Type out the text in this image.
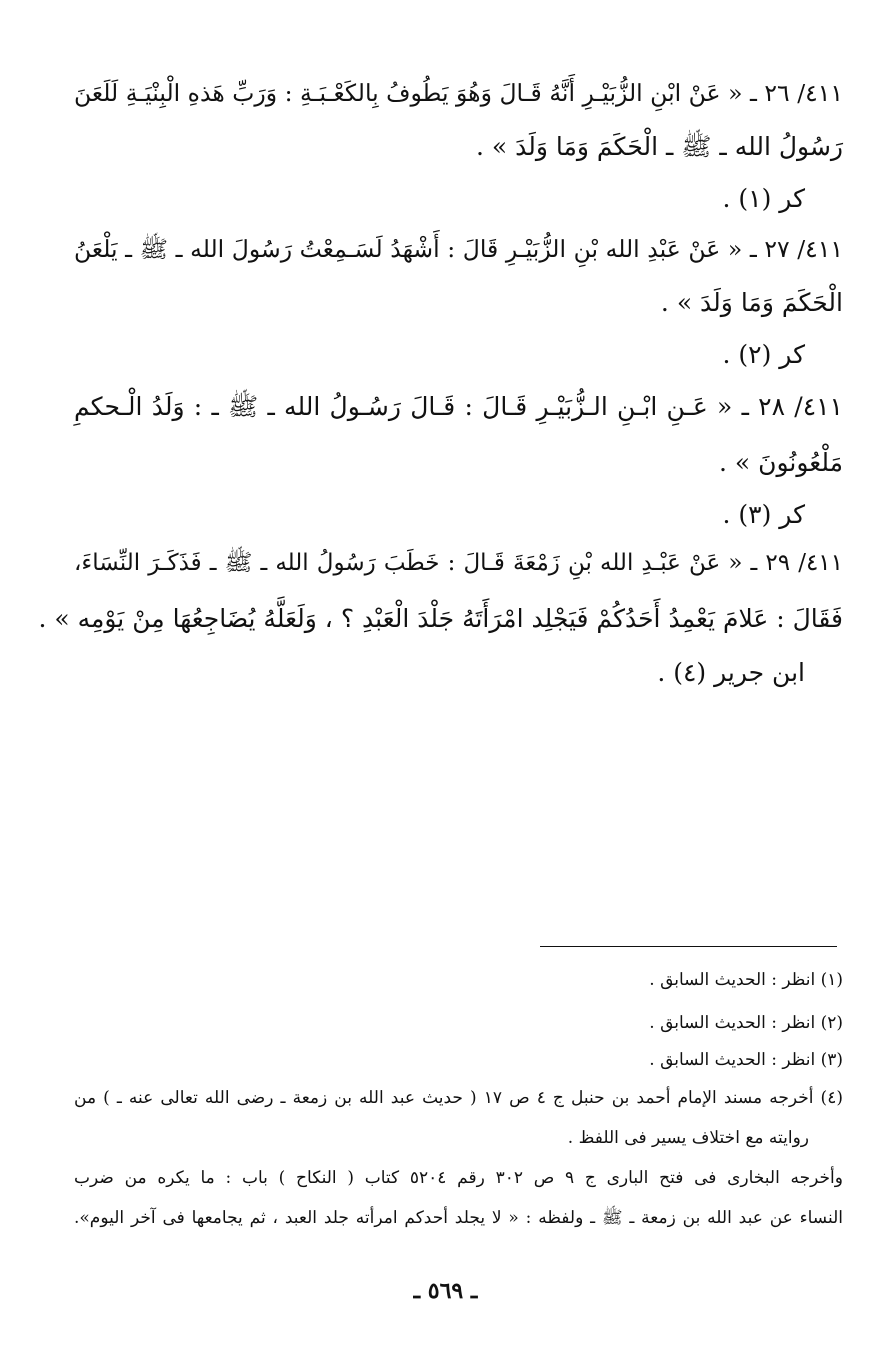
٤١١/ ٢٦ ـ « عَنْ ابْنِ الزُّبَيْـرِ أَنَّهُ قَـالَ وَهُوَ يَطُوفُ بِالكَعْـبَـةِ : وَرَبِّ هَذهِ الْبِنْيَـةِ لَلَعَنَ
رَسُولُ الله ـ ﷺ ـ الْحَكَمَ وَمَا وَلَدَ » .
كر (١) .
٤١١/ ٢٧ ـ « عَنْ عَبْدِ الله بْنِ الزُّبَيْـرِ قَالَ : أَشْهَدُ لَسَـمِعْتُ رَسُولَ الله ـ ﷺ ـ يَلْعَنُ
الْحَكَمَ وَمَا وَلَدَ » .
كر (٢) .
٤١١/ ٢٨ ـ « عَـنِ ابْـنِ الـزُّبَيْـرِ قَـالَ : قَـالَ رَسُـولُ الله ـ ﷺ ـ : وَلَدُ الْـحكمِ
مَلْعُونُونَ » .
كر (٣) .
٤١١/ ٢٩ ـ « عَنْ عَبْـدِ الله بْنِ زَمْعَةَ قَـالَ : خَطَبَ رَسُولُ الله ـ ﷺ ـ فَذَكَـرَ النِّسَاءَ،
فَقَالَ : عَلامَ يَعْمِدُ أَحَدُكُمْ فَيَجْلِد امْرَأَتَهُ جَلْدَ الْعَبْدِ ؟ ، وَلَعَلَّهُ يُضَاجِعُهَا مِنْ يَوْمِه » .
ابن جرير (٤) .
(١) انظر : الحديث السابق .
(٢) انظر : الحديث السابق .
(٣) انظر : الحديث السابق .
(٤) أخرجه مسند الإمام أحمد بن حنبل ج ٤ ص ١٧ ( حديث عبد الله بن زمعة ـ رضى الله تعالى عنه ـ ) من
روايته مع اختلاف يسير فى اللفظ .
وأخرجه البخارى فى فتح البارى ج ٩ ص ٣٠٢ رقم ٥٢٠٤ كتاب ( النكاح ) باب : ما يكره من ضرب
النساء عن عبد الله بن زمعة ـ ﷺ ـ ولفظه : « لا يجلد أحدكم امرأته جلد العبد ، ثم يجامعها فى آخر اليوم».
ـ ٥٦٩ ـ
